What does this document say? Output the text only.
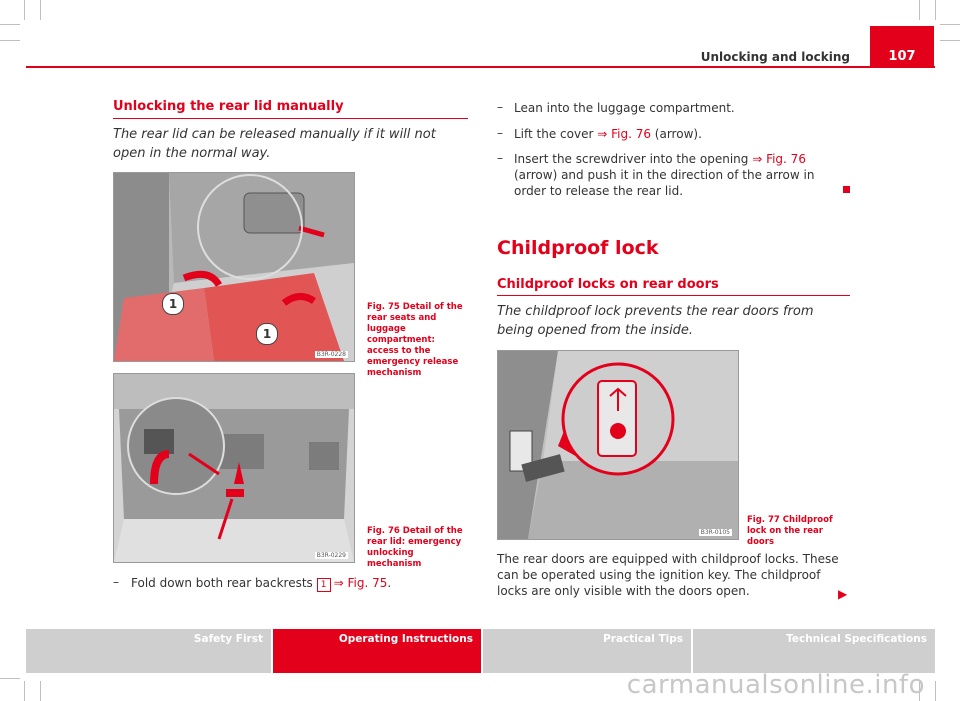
Unlocking and locking	107
Unlocking the rear lid manually
The rear lid can be released manually if it will not open in the normal way.
1
1
B3R-0228
Fig. 75 Detail of the rear seats and luggage compartment: access to the emergency release mechanism
B3R-0229
Fig. 76 Detail of the rear lid: emergency unlocking mechanism
– Fold down both rear backrests 1 ⇒ Fig. 75.
– Lean into the luggage compartment.
– Lift the cover ⇒ Fig. 76 (arrow).
– Insert the screwdriver into the opening ⇒ Fig. 76 (arrow) and push it in the direction of the arrow in order to release the rear lid.
Childproof lock
Childproof locks on rear doors
The childproof lock prevents the rear doors from being opened from the inside.
B3R-0105
Fig. 77 Childproof lock on the rear doors
The rear doors are equipped with childproof locks. These can be operated using the ignition key. The childproof locks are only visible with the doors open.	▶
Safety First	Operating Instructions	Practical Tips	Technical Specifications
carmanualsonline.info
